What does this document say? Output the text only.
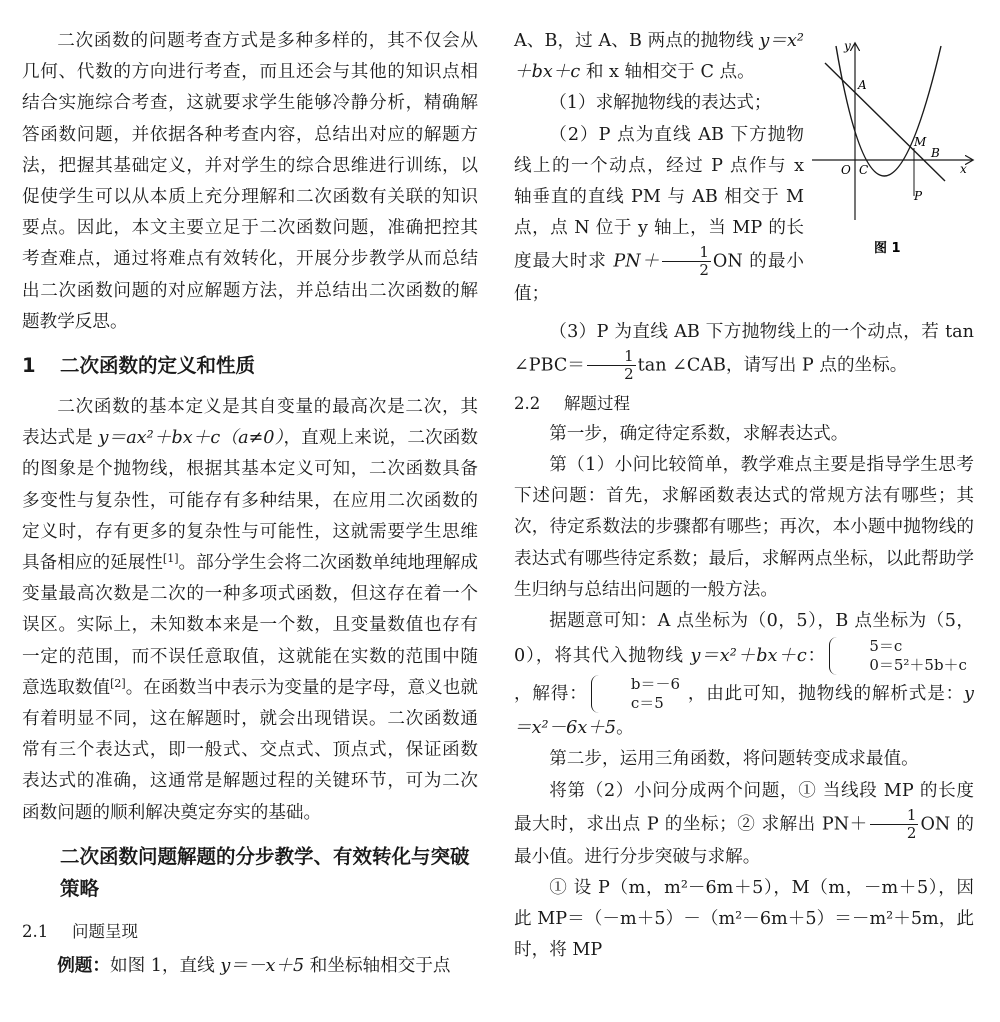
二次函数的问题考查方式是多种多样的，其不仅会从几何、代数的方向进行考查，而且还会与其他的知识点相结合实施综合考查，这就要求学生能够冷静分析，精确解答函数问题，并依据各种考查内容，总结出对应的解题方法，把握其基础定义，并对学生的综合思维进行训练，以促使学生可以从本质上充分理解和二次函数有关联的知识要点。因此，本文主要立足于二次函数问题，准确把控其考查难点，通过将难点有效转化，开展分步教学从而总结出二次函数问题的对应解题方法，并总结出二次函数的解题教学反思。

1 二次函数的定义和性质

二次函数的基本定义是其自变量的最高次是二次，其表达式是 y＝ax²＋bx＋c（a≠0），直观上来说，二次函数的图象是个抛物线，根据其基本定义可知，二次函数具备多变性与复杂性，可能存有多种结果，在应用二次函数的定义时，存有更多的复杂性与可能性，这就需要学生思维具备相应的延展性[1]。部分学生会将二次函数单纯地理解成变量最高次数是二次的一种多项式函数，但这存在着一个误区。实际上，未知数本来是一个数，且变量数值也存有一定的范围，而不误任意取值，这就能在实数的范围中随意选取数值[2]。在函数当中表示为变量的是字母，意义也就有着明显不同，这在解题时，就会出现错误。二次函数通常有三个表达式，即一般式、交点式、顶点式，保证函数表达式的准确，这通常是解题过程的关键环节，可为二次函数问题的顺利解决奠定夯实的基础。

二次函数问题解题的分步教学、有效转化与突破策略

2.1 问题呈现

例题：如图 1，直线 y＝－x＋5 和坐标轴相交于点

A、B，过 A、B 两点的抛物线 y＝x²＋bx＋c 和 x 轴相交于 C 点。

（1）求解抛物线的表达式；

（2）P 点为直线 AB 下方抛物线上的一个动点，经过 P 点作与 x 轴垂直的直线 PM 与 AB 相交于 M 点，点 N 位于 y 轴上，当 MP 的长度最大时求 $PN+ \frac{1}{2}$ ON 的最小值；

（3）P 为直线 AB 下方抛物线上的一个动点，若 tan ∠PBC＝ $\frac{1}{2}$ tan ∠CAB，请写出 P 点的坐标。

2.2 解题过程

第一步，确定待定系数，求解表达式。

第（1）小问比较简单，教学难点主要是指导学生思考下述问题：首先，求解函数表达式的常规方法有哪些；其次，待定系数法的步骤都有哪些；再次，本小题中抛物线的表达式有哪些待定系数；最后，求解两点坐标，以此帮助学生归纳与总结出问题的一般方法。

据题意可知：A 点坐标为（0，5），B 点坐标为（5，0），将其代入抛物线 y＝x²＋bx＋c：	5＝c
0＝5²＋5b＋c
，解得：	b＝－6
c＝5	，由此可知，抛物线的解析式是：y＝x²－6x＋5。

第二步，运用三角函数，将问题转变成求最值。

将第（2）小问分成两个问题，① 当线段 MP 的长度最大时，求出点 P 的坐标；② 求解出 $PN+ \frac{1}{2}$ ON 的最小值。进行分步突破与求解。

① 设 P（m，m²－6m＋5），M（m，－m＋5），因此 MP＝（－m＋5）－（m²－6m＋5）＝－m²＋5m，此时，将 MP

y
x
A
O C
M
B
P
图 1
